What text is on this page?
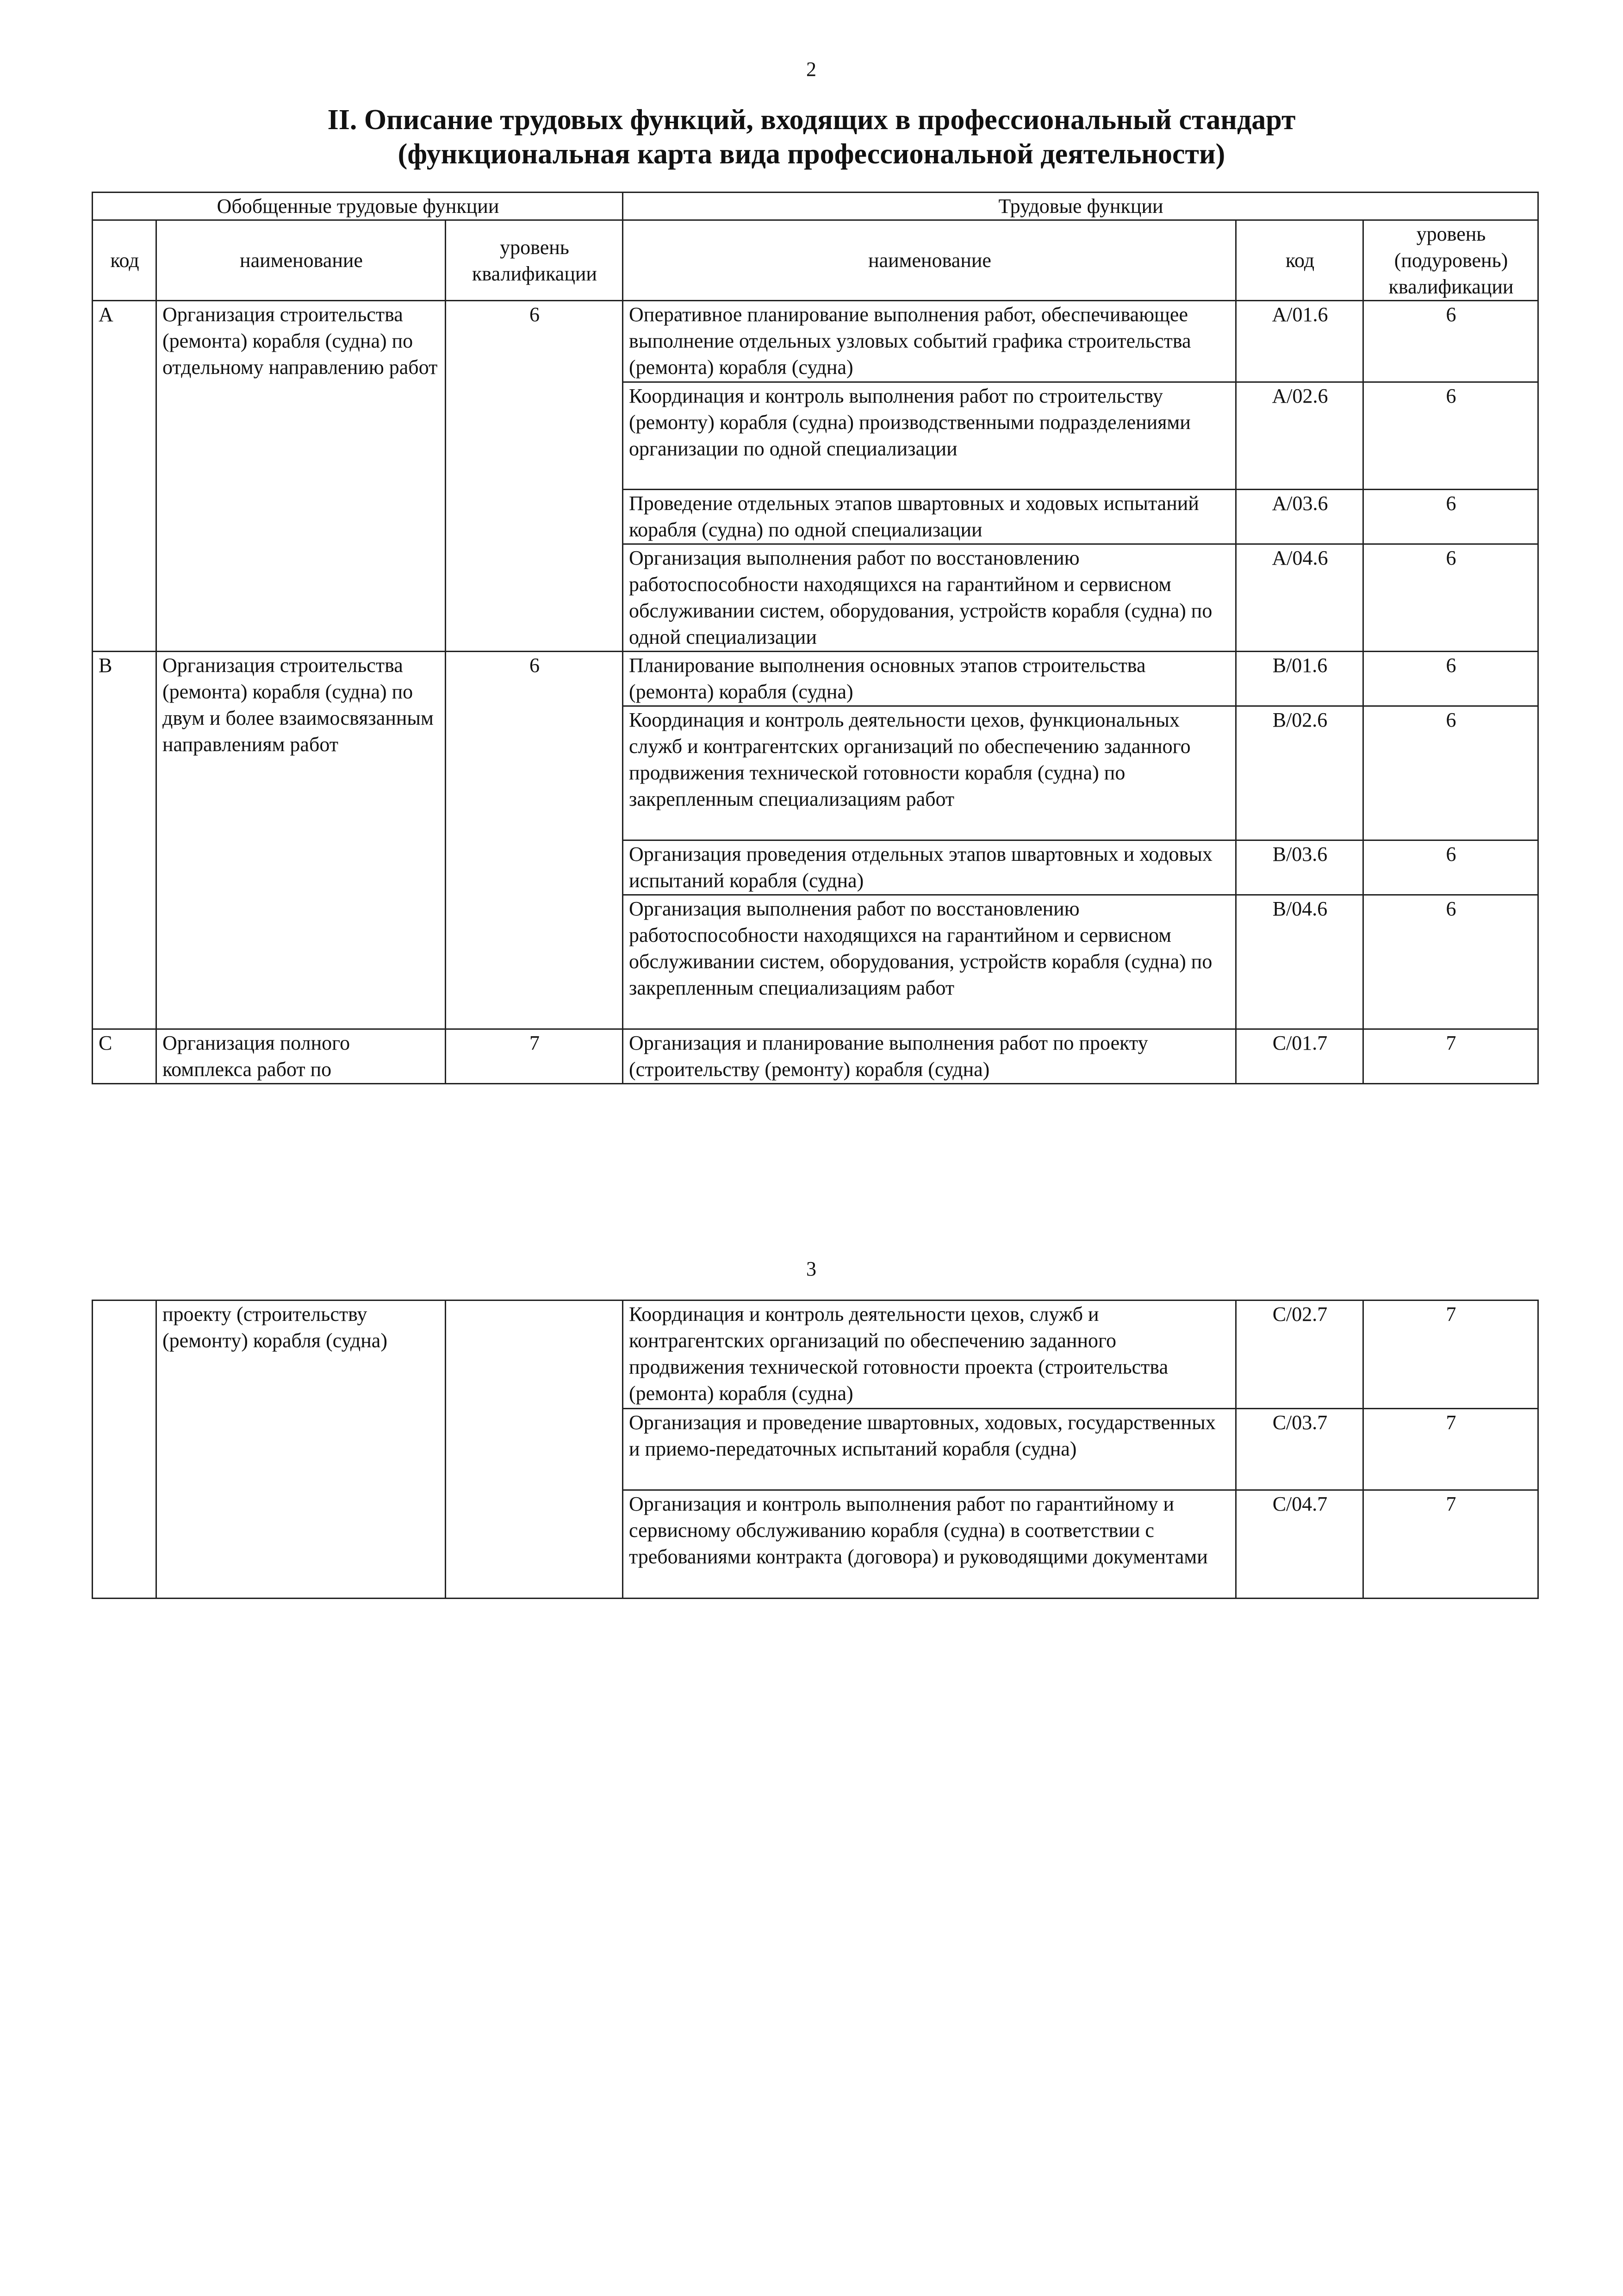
2
II. Описание трудовых функций, входящих в профессиональный стандарт
(функциональная карта вида профессиональной деятельности)
Обобщенные трудовые функции			Трудовые функции		
код	наименование	уровень квалификации	наименование	код	уровень (подуровень) квалификации
A	Организация строительства (ремонта) корабля (судна) по отдельному направлению работ	6	Оперативное планирование выполнения работ, обеспечивающее выполнение отдельных узловых событий графика строительства (ремонта) корабля (судна)	A/01.6	6
			Координация и контроль выполнения работ по строительству (ремонту) корабля (судна) производственными подразделениями организации по одной специализации	A/02.6	6
			Проведение отдельных этапов швартовных и ходовых испытаний корабля (судна) по одной специализации	A/03.6	6
			Организация выполнения работ по восстановлению работоспособности находящихся на гарантийном и сервисном обслуживании систем, оборудования, устройств корабля (судна) по одной специализации	A/04.6	6
B	Организация строительства (ремонта) корабля (судна) по двум и более взаимосвязанным направлениям работ	6	Планирование выполнения основных этапов строительства (ремонта) корабля (судна)	B/01.6	6
			Координация и контроль деятельности цехов, функциональных служб и контрагентских организаций по обеспечению заданного продвижения технической готовности корабля (судна) по закрепленным специализациям работ	B/02.6	6
			Организация проведения отдельных этапов швартовных и ходовых испытаний корабля (судна)	B/03.6	6
			Организация выполнения работ по восстановлению работоспособности находящихся на гарантийном и сервисном обслуживании систем, оборудования, устройств корабля (судна) по закрепленным специализациям работ	B/04.6	6
C	Организация полного комплекса работ по	7	Организация и планирование выполнения работ по проекту (строительству (ремонту) корабля (судна)	C/01.7	7
3
	проекту (строительству (ремонту) корабля (судна)		Координация и контроль деятельности цехов, служб и контрагентских организаций по обеспечению заданного продвижения технической готовности проекта (строительства (ремонта) корабля (судна)	C/02.7	7
			Организация и проведение швартовных, ходовых, государственных и приемо-передаточных испытаний корабля (судна)	C/03.7	7
			Организация и контроль выполнения работ по гарантийному и сервисному обслуживанию корабля (судна) в соответствии с требованиями контракта (договора) и руководящими документами	C/04.7	7
